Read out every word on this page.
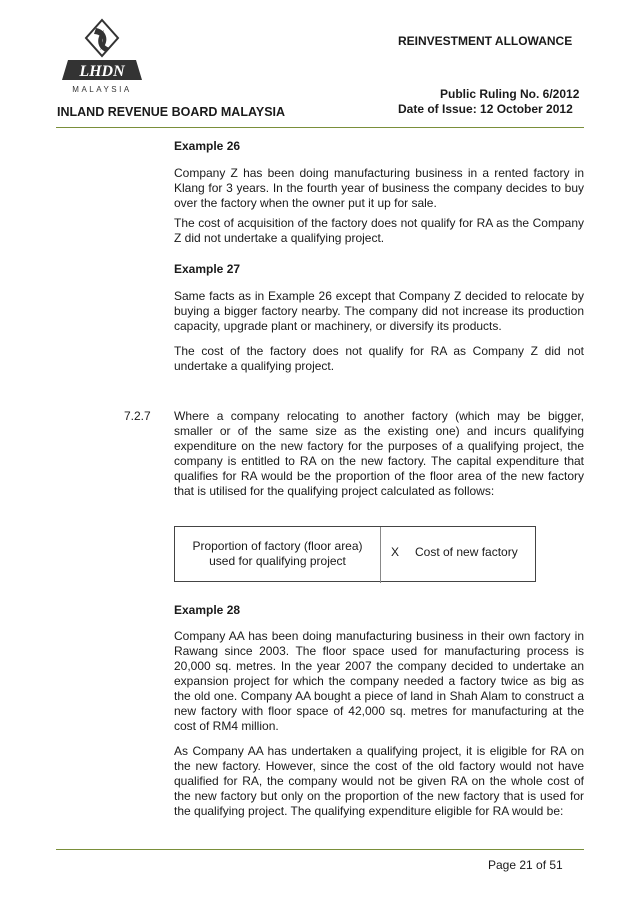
LHDN
MALAYSIA
REINVESTMENT ALLOWANCE
Public Ruling No. 6/2012
Date of Issue: 12 October 2012
INLAND REVENUE BOARD MALAYSIA
Example 26

Company Z has been doing manufacturing business in a rented factory in Klang for 3 years. In the fourth year of business the company decides to buy over the factory when the owner put it up for sale.

The cost of acquisition of the factory does not qualify for RA as the Company Z did not undertake a qualifying project.

Example 27

Same facts as in Example 26 except that Company Z decided to relocate by buying a bigger factory nearby. The company did not increase its production capacity, upgrade plant or machinery, or diversify its products.

The cost of the factory does not qualify for RA as Company Z did not undertake a qualifying project.

7.2.7 Where a company relocating to another factory (which may be bigger, smaller or of the same size as the existing one) and incurs qualifying expenditure on the new factory for the purposes of a qualifying project, the company is entitled to RA on the new factory. The capital expenditure that qualifies for RA would be the proportion of the floor area of the new factory that is utilised for the qualifying project calculated as follows:

Proportion of factory (floor area)
used for qualifying project
X	Cost of new factory
Example 28

Company AA has been doing manufacturing business in their own factory in Rawang since 2003. The floor space used for manufacturing process is 20,000 sq. metres. In the year 2007 the company decided to undertake an expansion project for which the company needed a factory twice as big as the old one. Company AA bought a piece of land in Shah Alam to construct a new factory with floor space of 42,000 sq. metres for manufacturing at the cost of RM4 million.

As Company AA has undertaken a qualifying project, it is eligible for RA on the new factory. However, since the cost of the old factory would not have qualified for RA, the company would not be given RA on the whole cost of the new factory but only on the proportion of the new factory that is used for the qualifying project. The qualifying expenditure eligible for RA would be:

Page 21 of 51
